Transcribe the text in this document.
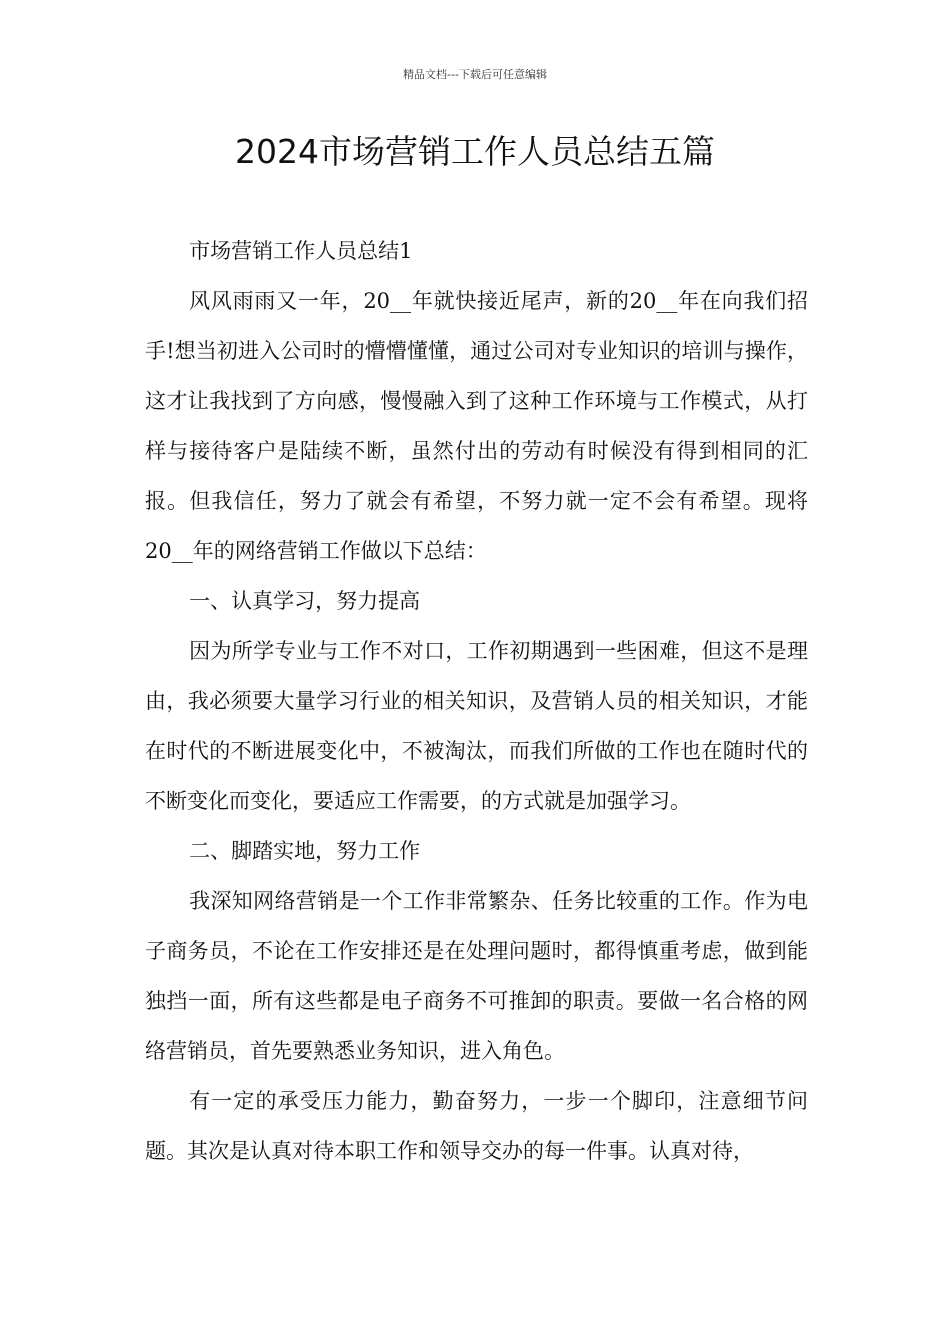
精品文档---下载后可任意编辑
2024市场营销工作人员总结五篇

市场营销工作人员总结1

风风雨雨又一年，20__年就快接近尾声，新的20__年在向我们招手!想当初进入公司时的懵懵懂懂，通过公司对专业知识的培训与操作，这才让我找到了方向感，慢慢融入到了这种工作环境与工作模式，从打样与接待客户是陆续不断，虽然付出的劳动有时候没有得到相同的汇报。但我信任，努力了就会有希望，不努力就一定不会有希望。现将20__年的网络营销工作做以下总结：

一、认真学习，努力提高

因为所学专业与工作不对口，工作初期遇到一些困难，但这不是理由，我必须要大量学习行业的相关知识，及营销人员的相关知识，才能在时代的不断进展变化中，不被淘汰，而我们所做的工作也在随时代的不断变化而变化，要适应工作需要，的方式就是加强学习。

二、脚踏实地，努力工作

我深知网络营销是一个工作非常繁杂、任务比较重的工作。作为电子商务员，不论在工作安排还是在处理问题时，都得慎重考虑，做到能独挡一面，所有这些都是电子商务不可推卸的职责。要做一名合格的网络营销员，首先要熟悉业务知识，进入角色。

有一定的承受压力能力，勤奋努力，一步一个脚印，注意细节问题。其次是认真对待本职工作和领导交办的每一件事。认真对待，
